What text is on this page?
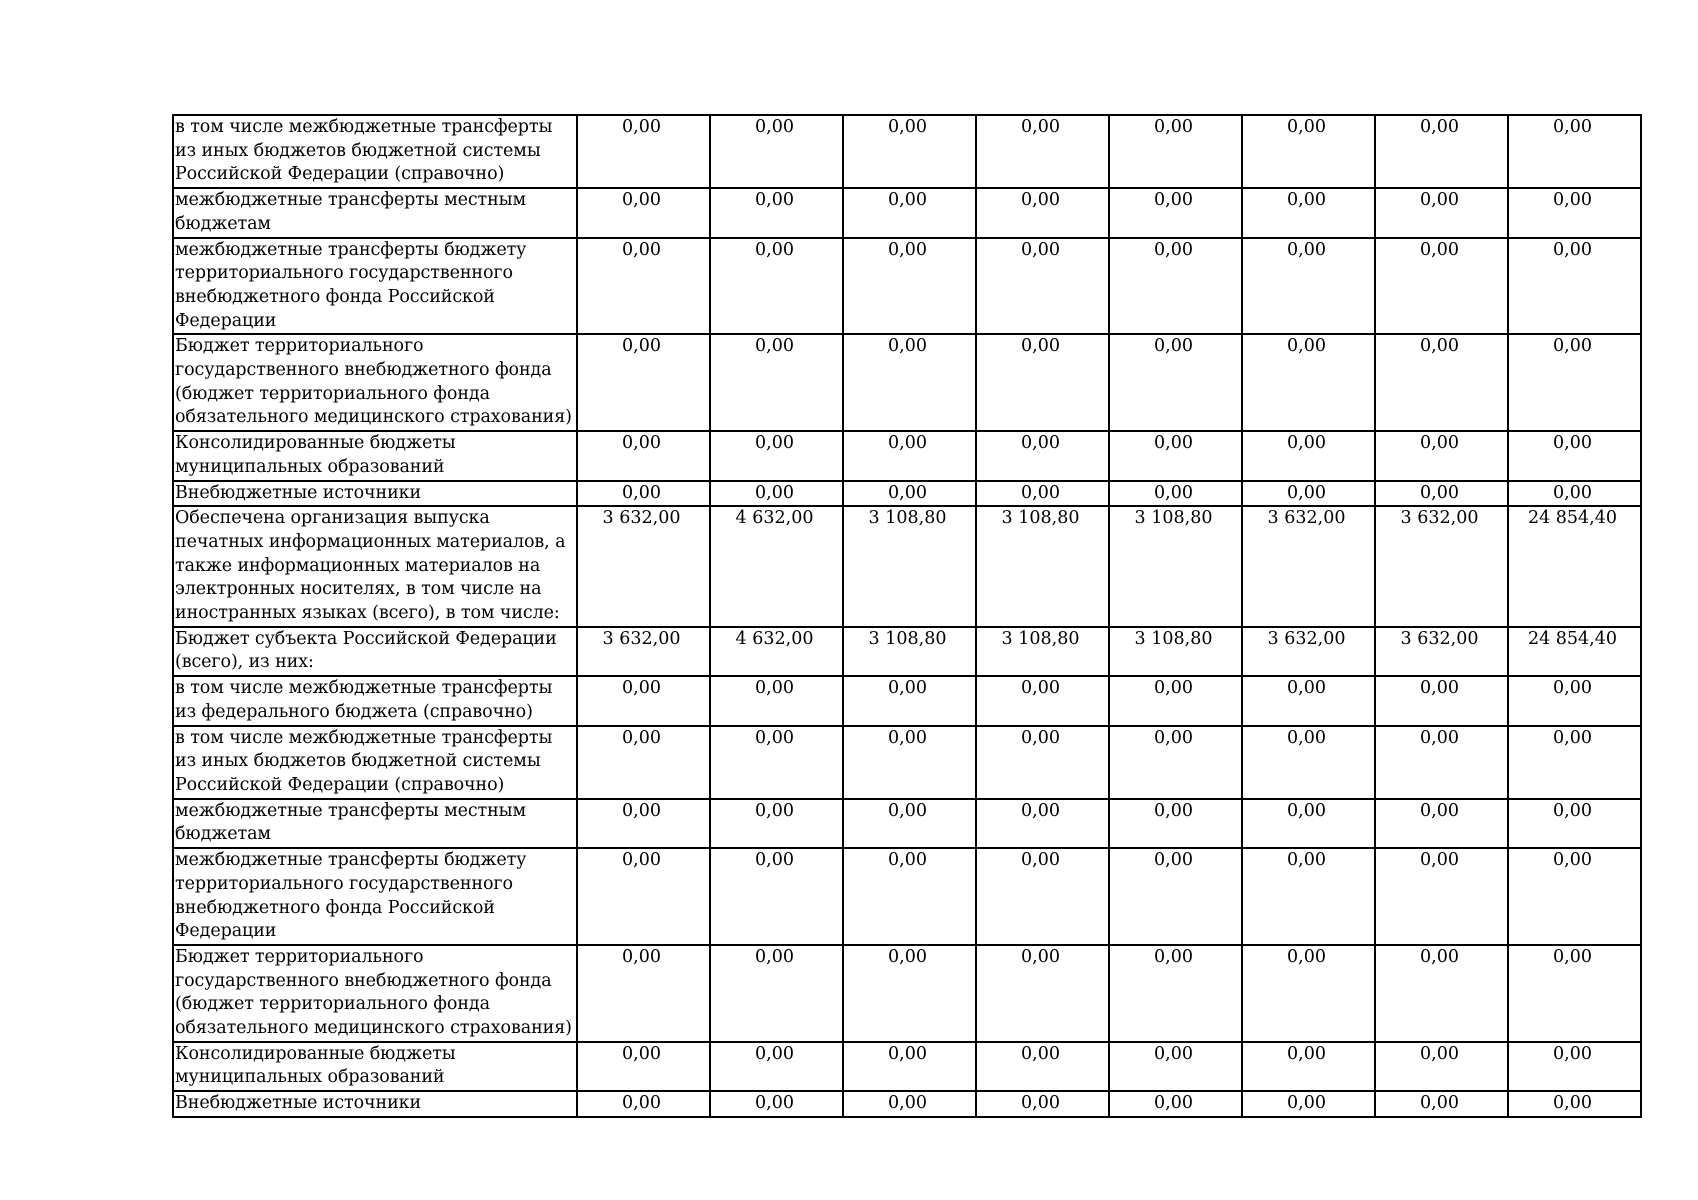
в том числе межбюджетные трансферты из иных бюджетов бюджетной системы Российской Федерации (справочно)	0,00	0,00	0,00	0,00	0,00	0,00	0,00	0,00
межбюджетные трансферты местным бюджетам	0,00	0,00	0,00	0,00	0,00	0,00	0,00	0,00
межбюджетные трансферты бюджету территориального государственного внебюджетного фонда Российской Федерации	0,00	0,00	0,00	0,00	0,00	0,00	0,00	0,00
Бюджет территориального государственного внебюджетного фонда (бюджет территориального фонда обязательного медицинского страхования)	0,00	0,00	0,00	0,00	0,00	0,00	0,00	0,00
Консолидированные бюджеты муниципальных образований	0,00	0,00	0,00	0,00	0,00	0,00	0,00	0,00
Внебюджетные источники	0,00	0,00	0,00	0,00	0,00	0,00	0,00	0,00
Обеспечена организация выпуска печатных информационных материалов, а также информационных материалов на электронных носителях, в том числе на иностранных языках (всего), в том числе:	3 632,00	4 632,00	3 108,80	3 108,80	3 108,80	3 632,00	3 632,00	24 854,40
Бюджет субъекта Российской Федерации (всего), из них:	3 632,00	4 632,00	3 108,80	3 108,80	3 108,80	3 632,00	3 632,00	24 854,40
в том числе межбюджетные трансферты из федерального бюджета (справочно)	0,00	0,00	0,00	0,00	0,00	0,00	0,00	0,00
в том числе межбюджетные трансферты из иных бюджетов бюджетной системы Российской Федерации (справочно)	0,00	0,00	0,00	0,00	0,00	0,00	0,00	0,00
межбюджетные трансферты местным бюджетам	0,00	0,00	0,00	0,00	0,00	0,00	0,00	0,00
межбюджетные трансферты бюджету территориального государственного внебюджетного фонда Российской Федерации	0,00	0,00	0,00	0,00	0,00	0,00	0,00	0,00
Бюджет территориального государственного внебюджетного фонда (бюджет территориального фонда обязательного медицинского страхования)	0,00	0,00	0,00	0,00	0,00	0,00	0,00	0,00
Консолидированные бюджеты муниципальных образований	0,00	0,00	0,00	0,00	0,00	0,00	0,00	0,00
Внебюджетные источники	0,00	0,00	0,00	0,00	0,00	0,00	0,00	0,00
